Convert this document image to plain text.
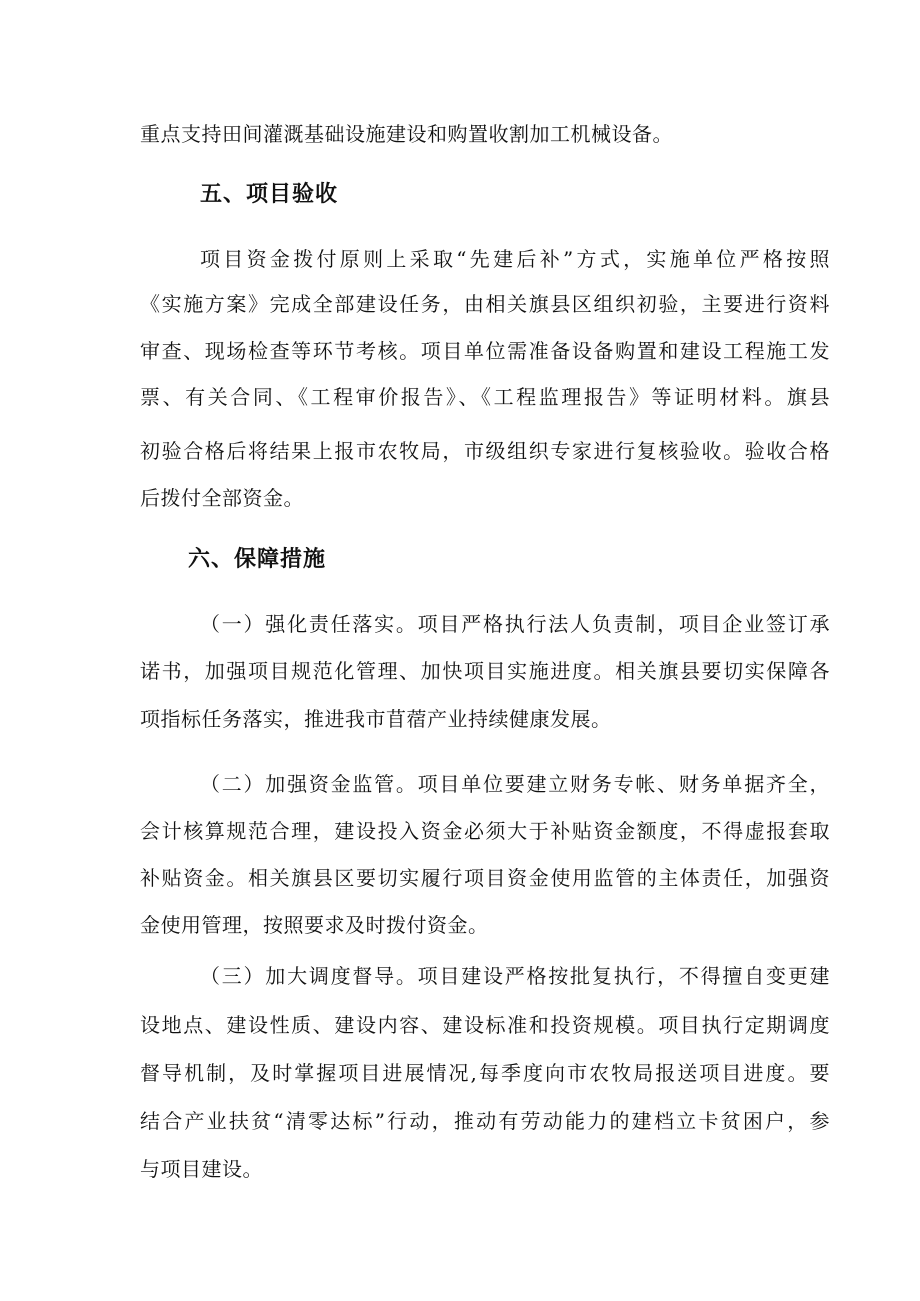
重点支持田间灌溉基础设施建设和购置收割加工机械设备。
五、项目验收
项目资金拨付原则上采取“先建后补”方式，实施单位严格按照
《实施方案》完成全部建设任务，由相关旗县区组织初验，主要进行资料
审查、现场检查等环节考核。项目单位需准备设备购置和建设工程施工发
票、有关合同、《工程审价报告》、《工程监理报告》等证明材料。旗县
初验合格后将结果上报市农牧局，市级组织专家进行复核验收。验收合格
后拨付全部资金。
六、保障措施
（一）强化责任落实。项目严格执行法人负责制，项目企业签订承
诺书，加强项目规范化管理、加快项目实施进度。相关旗县要切实保障各
项指标任务落实，推进我市苜蓿产业持续健康发展。
（二）加强资金监管。项目单位要建立财务专帐、财务单据齐全，
会计核算规范合理，建设投入资金必须大于补贴资金额度，不得虚报套取
补贴资金。相关旗县区要切实履行项目资金使用监管的主体责任，加强资
金使用管理，按照要求及时拨付资金。
（三）加大调度督导。项目建设严格按批复执行，不得擅自变更建
设地点、建设性质、建设内容、建设标准和投资规模。项目执行定期调度
督导机制，及时掌握项目进展情况,每季度向市农牧局报送项目进度。要
结合产业扶贫“清零达标”行动，推动有劳动能力的建档立卡贫困户，参
与项目建设。
